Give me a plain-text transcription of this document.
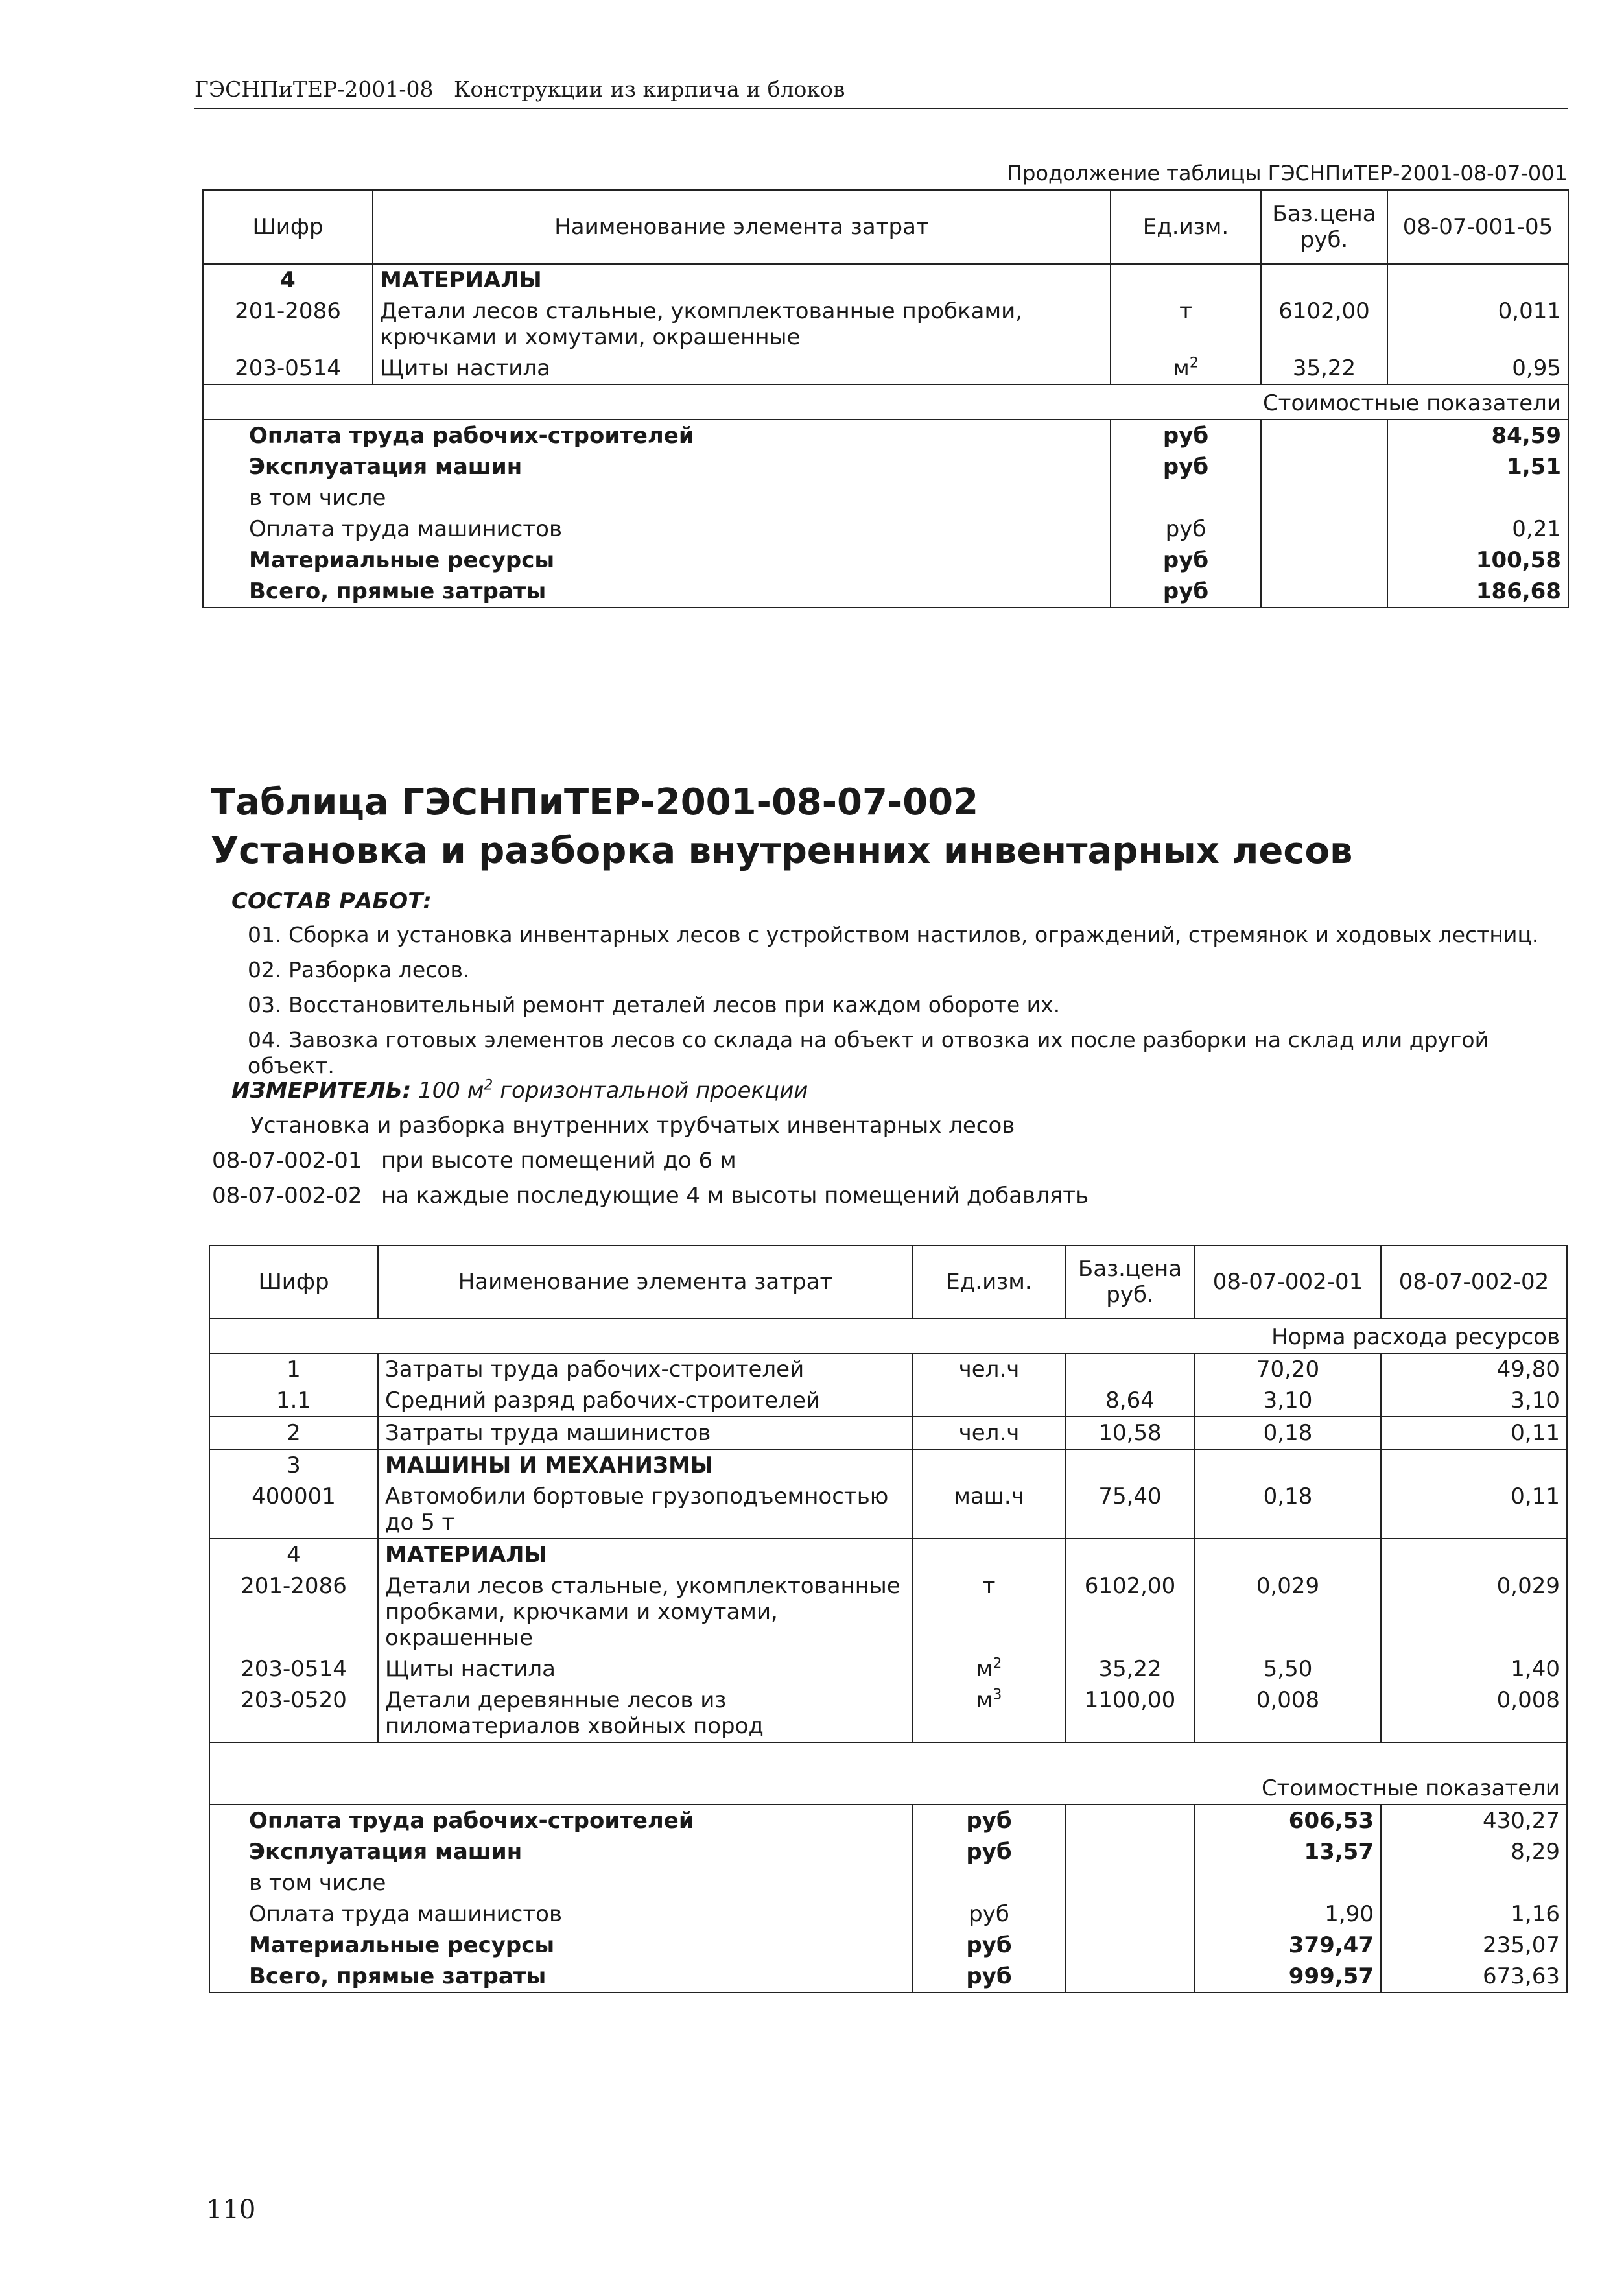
ГЭСНПиТЕР-2001-08 Конструкции из кирпича и блоков
Продолжение таблицы ГЭСНПиТЕР-2001-08-07-001
Шифр	Наименование элемента затрат	Ед.изм.	Баз.цена руб.	08-07-001-05
4	МАТЕРИАЛЫ			
201-2086	Детали лесов стальные, укомплектованные пробками, крючками и хомутами, окрашенные	т	6102,00	0,011
203-0514	Щиты настила	$м^2$	35,22	0,95
Стоимостные показатели				
Оплата труда рабочих-строителей		руб		84,59
Эксплуатация машин		руб		1,51
в том числе				
Оплата труда машинистов		руб		0,21
Материальные ресурсы		руб		100,58
Всего, прямые затраты		руб		186,68
Таблица ГЭСНПиТЕР-2001-08-07-002
Установка и разборка внутренних инвентарных лесов
СОСТАВ РАБОТ:
01. Сборка и установка инвентарных лесов с устройством настилов, ограждений, стремянок и ходовых лестниц.
02. Разборка лесов.
03. Восстановительный ремонт деталей лесов при каждом обороте их.
04. Завозка готовых элементов лесов со склада на объект и отвозка их после разборки на склад или другой объект.
ИЗМЕРИТЕЛЬ: 100 $м^2$ горизонтальной проекции
Установка и разборка внутренних трубчатых инвентарных лесов
08-07-002-01 при высоте помещений до 6 м
08-07-002-02 на каждые последующие 4 м высоты помещений добавлять
Шифр	Наименование элемента затрат	Ед.изм.	Баз.цена руб.	08-07-002-01	08-07-002-02
Норма расхода ресурсов					
1	Затраты труда рабочих-строителей	чел.ч		70,20	49,80
1.1	Средний разряд рабочих-строителей		8,64	3,10	3,10
2	Затраты труда машинистов	чел.ч	10,58	0,18	0,11
3	МАШИНЫ И МЕХАНИЗМЫ				
400001	Автомобили бортовые грузоподъемностью до 5 т	маш.ч	75,40	0,18	0,11
4	МАТЕРИАЛЫ				
201-2086	Детали лесов стальные, укомплектованные пробками, крючками и хомутами, окрашенные	т	6102,00	0,029	0,029
203-0514	Щиты настила	$м^2$	35,22	5,50	1,40
203-0520	Детали деревянные лесов из пиломатериалов хвойных пород	$м^3$	1100,00	0,008	0,008
Стоимостные показатели					
Оплата труда рабочих-строителей		руб		606,53	430,27
Эксплуатация машин		руб		13,57	8,29
в том числе					
Оплата труда машинистов		руб		1,90	1,16
Материальные ресурсы		руб		379,47	235,07
Всего, прямые затраты		руб		999,57	673,63
110
